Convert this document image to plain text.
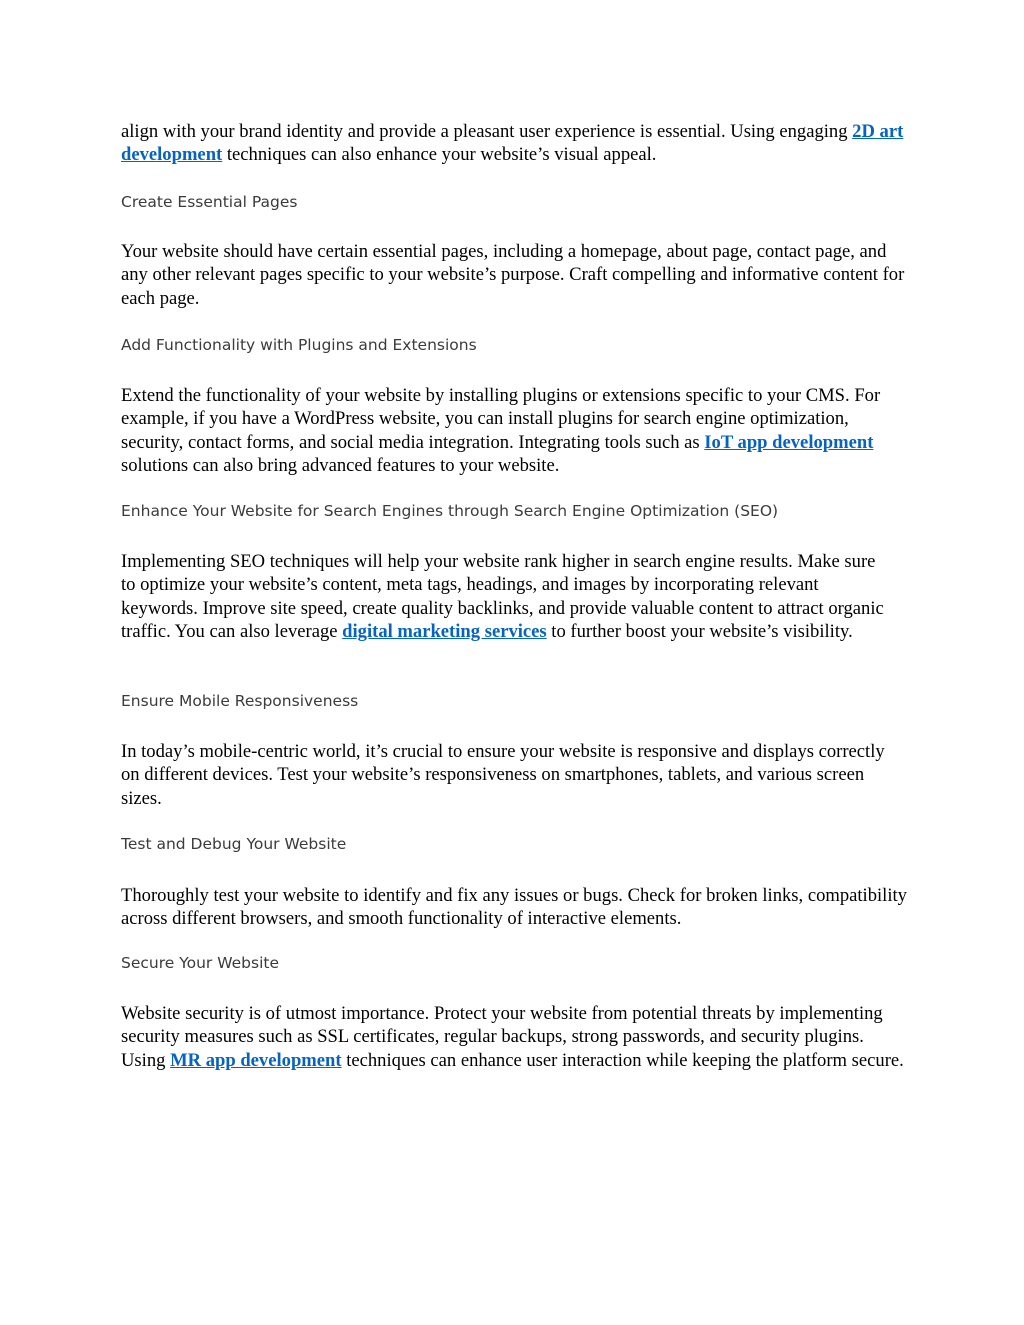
align with your brand identity and provide a pleasant user experience is essential. Using engaging 2D art development techniques can also enhance your website’s visual appeal.

Create Essential Pages

Your website should have certain essential pages, including a homepage, about page, contact page, and any other relevant pages specific to your website’s purpose. Craft compelling and informative content for each page.

Add Functionality with Plugins and Extensions

Extend the functionality of your website by installing plugins or extensions specific to your CMS. For example, if you have a WordPress website, you can install plugins for search engine optimization, security, contact forms, and social media integration. Integrating tools such as IoT app development solutions can also bring advanced features to your website.

Enhance Your Website for Search Engines through Search Engine Optimization (SEO)

Implementing SEO techniques will help your website rank higher in search engine results. Make sure to optimize your website’s content, meta tags, headings, and images by incorporating relevant keywords. Improve site speed, create quality backlinks, and provide valuable content to attract organic traffic. You can also leverage digital marketing services to further boost your website’s visibility.

Ensure Mobile Responsiveness

In today’s mobile-centric world, it’s crucial to ensure your website is responsive and displays correctly on different devices. Test your website’s responsiveness on smartphones, tablets, and various screen sizes.

Test and Debug Your Website

Thoroughly test your website to identify and fix any issues or bugs. Check for broken links, compatibility across different browsers, and smooth functionality of interactive elements.

Secure Your Website

Website security is of utmost importance. Protect your website from potential threats by implementing security measures such as SSL certificates, regular backups, strong passwords, and security plugins. Using MR app development techniques can enhance user interaction while keeping the platform secure.
